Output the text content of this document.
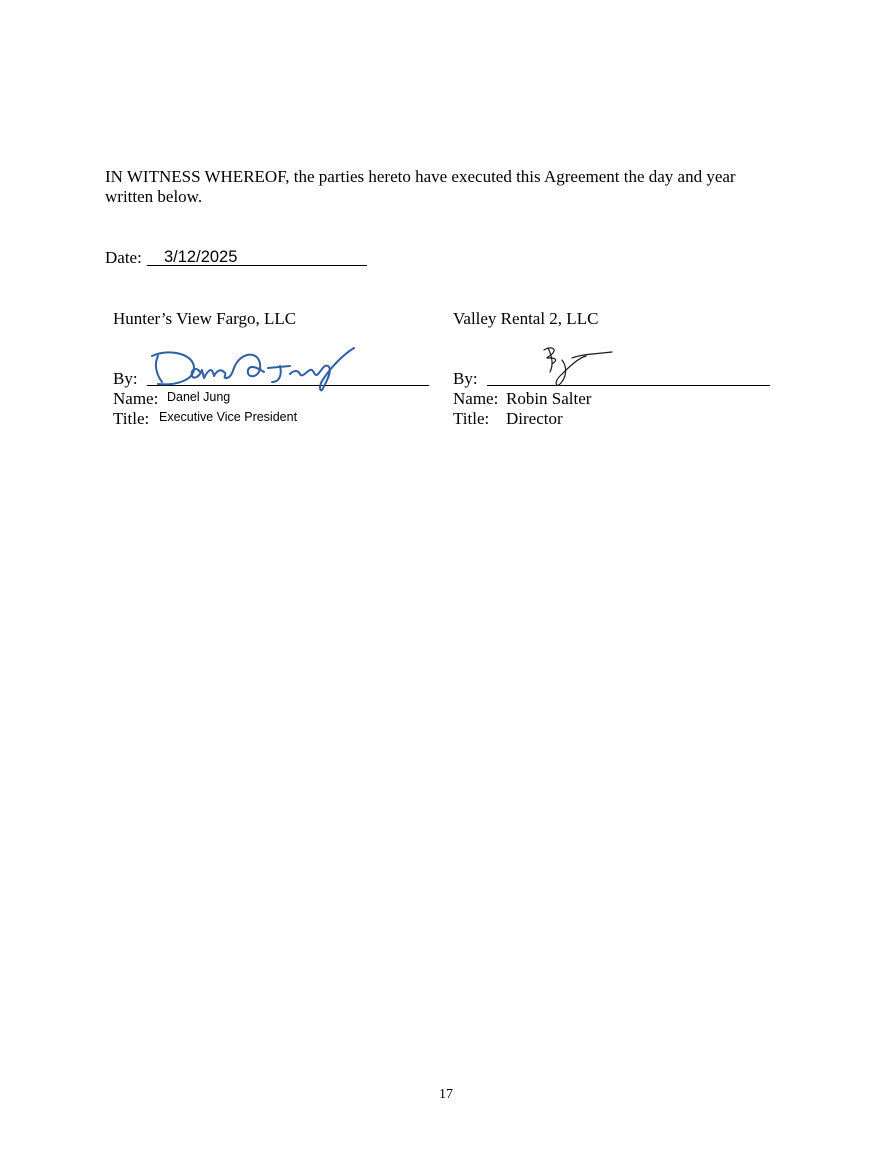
IN WITNESS WHEREOF, the parties hereto have executed this Agreement the day and year written below.
Date: 3/12/2025
Hunter’s View Fargo, LLC
By:
Name: Danel Jung
Title: Executive Vice President
Valley Rental 2, LLC
By:
Name: Robin Salter
Title: Director
17
